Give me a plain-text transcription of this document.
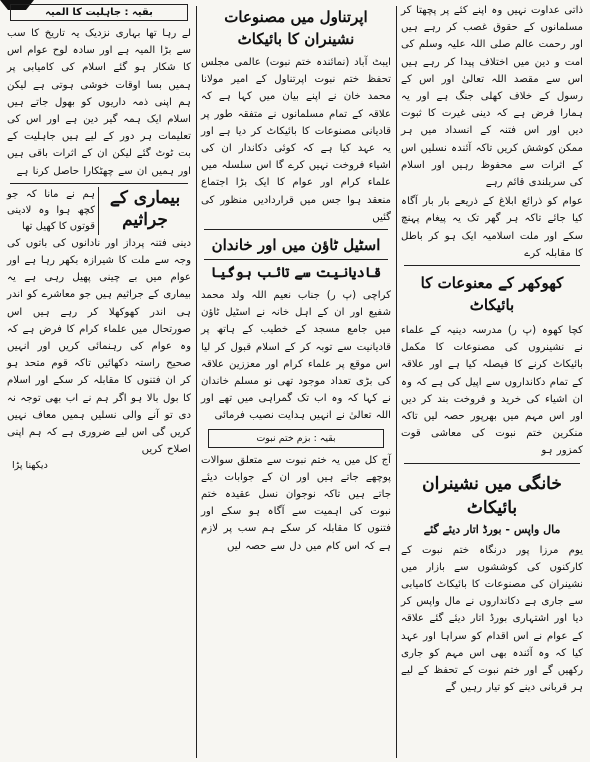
ذاتی عداوت نہیں وہ اپنے کئے پر پچھتا کر مسلمانوں کے حقوق غصب کر رہے ہیں اور رحمت عالم صلی اللہ علیہ وسلم کی امت و دین میں اختلاف پیدا کر رہے ہیں اس سے مقصد اللہ تعالیٰ اور اس کے رسول کے خلاف کھلی جنگ ہے اور یہ ہمارا فرض ہے کہ دینی غیرت کا ثبوت دیں اور اس فتنہ کے انسداد میں ہر ممکن کوشش کریں تاکہ آئندہ نسلیں اس کے اثرات سے محفوظ رہیں اور اسلام کی سربلندی قائم رہے

عوام کو ذرائع ابلاغ کے ذریعے بار بار آگاہ کیا جائے تاکہ ہر گھر تک یہ پیغام پہنچ سکے اور ملت اسلامیہ ایک ہو کر باطل کا مقابلہ کرے

کھوکھر کے معنوعات کا بائیکاٹ

کچا کھوہ (پ ر) مدرسہ دینیہ کے علماء نے نشینروں کی مصنوعات کا مکمل بائیکاٹ کرنے کا فیصلہ کیا ہے اور علاقہ کے تمام دکانداروں سے اپیل کی ہے کہ وہ ان اشیاء کی خرید و فروخت بند کر دیں اور اس مہم میں بھرپور حصہ لیں تاکہ منکرین ختم نبوت کی معاشی قوت کمزور ہو

خانگی میں نشینران بائیکاٹ
مال واپس - بورڈ اتار دیئے گئے

یوم مرزا پور درنگاہ ختم نبوت کے کارکنوں کی کوششوں سے بازار میں نشینران کی مصنوعات کا بائیکاٹ کامیابی سے جاری ہے دکانداروں نے مال واپس کر دیا اور اشتہاری بورڈ اتار دیئے گئے علاقہ کے عوام نے اس اقدام کو سراہا اور عہد کیا کہ وہ آئندہ بھی اس مہم کو جاری رکھیں گے اور ختم نبوت کے تحفظ کے لیے ہر قربانی دینے کو تیار رہیں گے

اپرتناول میں مصنوعات نشینران کا بائیکاٹ

ایبٹ آباد (نمائندہ ختم نبوت) عالمی مجلس تحفظ ختم نبوت اپرتناول کے امیر مولانا محمد خان نے اپنے بیان میں کہا ہے کہ علاقہ کے تمام مسلمانوں نے متفقہ طور پر قادیانی مصنوعات کا بائیکاٹ کر دیا ہے اور یہ عہد کیا ہے کہ کوئی دکاندار ان کی اشیاء فروخت نہیں کرے گا اس سلسلہ میں علماء کرام اور عوام کا ایک بڑا اجتماع منعقد ہوا جس میں قراردادیں منظور کی گئیں

اسٹیل ٹاؤن میں اور خاندان
قادیانیت سے تائب ہوگیا

کراچی (پ ر) جناب نعیم اللہ ولد محمد شفیع اور ان کے اہل خانہ نے اسٹیل ٹاؤن میں جامع مسجد کے خطیب کے ہاتھ پر قادیانیت سے توبہ کر کے اسلام قبول کر لیا اس موقع پر علماء کرام اور معززین علاقہ کی بڑی تعداد موجود تھی نو مسلم خاندان نے کہا کہ وہ اب تک گمراہی میں تھے اور اللہ تعالیٰ نے انہیں ہدایت نصیب فرمائی

بقیہ : بزم ختم نبوت

آج کل میں یہ ختم نبوت سے متعلق سوالات پوچھے جاتے ہیں اور ان کے جوابات دیئے جاتے ہیں تاکہ نوجوان نسل عقیدہ ختم نبوت کی اہمیت سے آگاہ ہو سکے اور فتنوں کا مقابلہ کر سکے ہم سب پر لازم ہے کہ اس کام میں دل سے حصہ لیں

بقیہ : جاہلیت کا المیہ

لے رہا تھا بہاری نزدیک یہ تاریخ کا سب سے بڑا المیہ ہے اور سادہ لوح عوام اس کا شکار ہو گئے اسلام کی کامیابی پر ہمیں بسا اوقات خوشی ہوتی ہے لیکن ہم اپنی ذمہ داریوں کو بھول جاتے ہیں اسلام ایک ہمہ گیر دین ہے اور اس کی تعلیمات ہر دور کے لیے ہیں جاہلیت کے بت ٹوٹ گئے لیکن ان کے اثرات باقی ہیں اور ہمیں ان سے چھٹکارا حاصل کرنا ہے

بیماری کے جراثیم
ہم نے مانا کہ جو کچھ ہوا وہ لادینی قوتوں کا کھیل تھا

دینی فتنہ پرداز اور نادانوں کی باتوں کی وجہ سے ملت کا شیرازہ بکھر رہا ہے اور عوام میں بے چینی پھیل رہی ہے یہ بیماری کے جراثیم ہیں جو معاشرے کو اندر ہی اندر کھوکھلا کر رہے ہیں اس صورتحال میں علماء کرام کا فرض ہے کہ وہ عوام کی رہنمائی کریں اور انہیں صحیح راستہ دکھائیں تاکہ قوم متحد ہو کر ان فتنوں کا مقابلہ کر سکے اور اسلام کا بول بالا ہو اگر ہم نے اب بھی توجہ نہ دی تو آنے والی نسلیں ہمیں معاف نہیں کریں گی اس لیے ضروری ہے کہ ہم اپنی اصلاح کریں

دیکھنا پڑا
